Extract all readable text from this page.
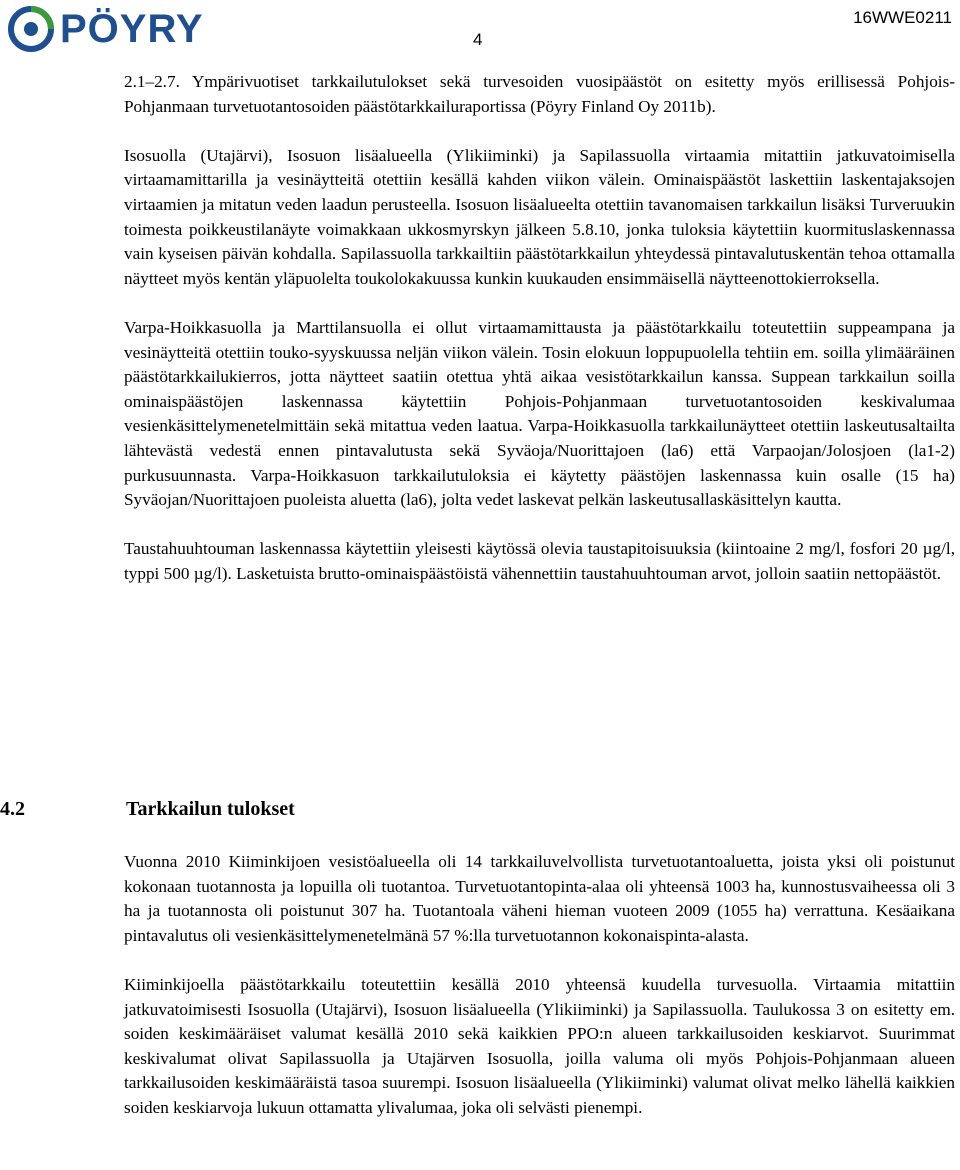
PÖYRY	4
16WWE0211

2.1–2.7. Ympärivuotiset tarkkailutulokset sekä turvesoiden vuosipäästöt on esitetty myös erillisessä Pohjois-Pohjanmaan turvetuotantosoiden päästötarkkailuraportissa (Pöyry Finland Oy 2011b).

Isosuolla (Utajärvi), Isosuon lisäalueella (Ylikiiminki) ja Sapilassuolla virtaamia mitattiin jatkuvatoimisella virtaamamittarilla ja vesinäytteitä otettiin kesällä kahden viikon välein. Ominaispäästöt laskettiin laskentajaksojen virtaamien ja mitatun veden laadun perusteella. Isosuon lisäalueelta otettiin tavanomaisen tarkkailun lisäksi Turveruukin toimesta poikkeustilanäyte voimakkaan ukkosmyrskyn jälkeen 5.8.10, jonka tuloksia käytettiin kuormituslaskennassa vain kyseisen päivän kohdalla. Sapilassuolla tarkkailtiin päästötarkkailun yhteydessä pintavalutuskentän tehoa ottamalla näytteet myös kentän yläpuolelta toukolokakuussa kunkin kuukauden ensimmäisellä näytteenottokierroksella.

Varpa-Hoikkasuolla ja Marttilansuolla ei ollut virtaamamittausta ja päästötarkkailu toteutettiin suppeampana ja vesinäytteitä otettiin touko-syyskuussa neljän viikon välein. Tosin elokuun loppupuolella tehtiin em. soilla ylimääräinen päästötarkkailukierros, jotta näytteet saatiin otettua yhtä aikaa vesistötarkkailun kanssa. Suppean tarkkailun soilla ominaispäästöjen laskennassa käytettiin Pohjois-Pohjanmaan turvetuotantosoiden keskivalumaa vesienkäsittelymenetelmittäin sekä mitattua veden laatua. Varpa-Hoikkasuolla tarkkailunäytteet otettiin laskeutusaltailta lähtevästä vedestä ennen pintavalutusta sekä Syväoja/Nuorittajoen (la6) että Varpaojan/Jolosjoen (la1-2) purkusuunnasta. Varpa-Hoikkasuon tarkkailutuloksia ei käytetty päästöjen laskennassa kuin osalle (15 ha) Syväojan/Nuorittajoen puoleista aluetta (la6), jolta vedet laskevat pelkän laskeutusallaskäsittelyn kautta.

Taustahuuhtouman laskennassa käytettiin yleisesti käytössä olevia taustapitoisuuksia (kiintoaine 2 mg/l, fosfori 20 µg/l, typpi 500 µg/l). Lasketuista brutto-ominaispäästöistä vähennettiin taustahuuhtouman arvot, jolloin saatiin nettopäästöt.

4.2	Tarkkailun tulokset

Vuonna 2010 Kiiminkijoen vesistöalueella oli 14 tarkkailuvelvollista turvetuotantoaluetta, joista yksi oli poistunut kokonaan tuotannosta ja lopuilla oli tuotantoa. Turvetuotantopinta-alaa oli yhteensä 1003 ha, kunnostusvaiheessa oli 3 ha ja tuotannosta oli poistunut 307 ha. Tuotantoala väheni hieman vuoteen 2009 (1055 ha) verrattuna. Kesäaikana pintavalutus oli vesienkäsittelymenetelmänä 57 %:lla turvetuotannon kokonaispinta-alasta.

Kiiminkijoella päästötarkkailu toteutettiin kesällä 2010 yhteensä kuudella turvesuolla. Virtaamia mitattiin jatkuvatoimisesti Isosuolla (Utajärvi), Isosuon lisäalueella (Ylikiiminki) ja Sapilassuolla. Taulukossa 3 on esitetty em. soiden keskimääräiset valumat kesällä 2010 sekä kaikkien PPO:n alueen tarkkailusoiden keskiarvot. Suurimmat keskivalumat olivat Sapilassuolla ja Utajärven Isosuolla, joilla valuma oli myös Pohjois-Pohjanmaan alueen tarkkailusoiden keskimääräistä tasoa suurempi. Isosuon lisäalueella (Ylikiiminki) valumat olivat melko lähellä kaikkien soiden keskiarvoja lukuun ottamatta ylivalumaa, joka oli selvästi pienempi.
